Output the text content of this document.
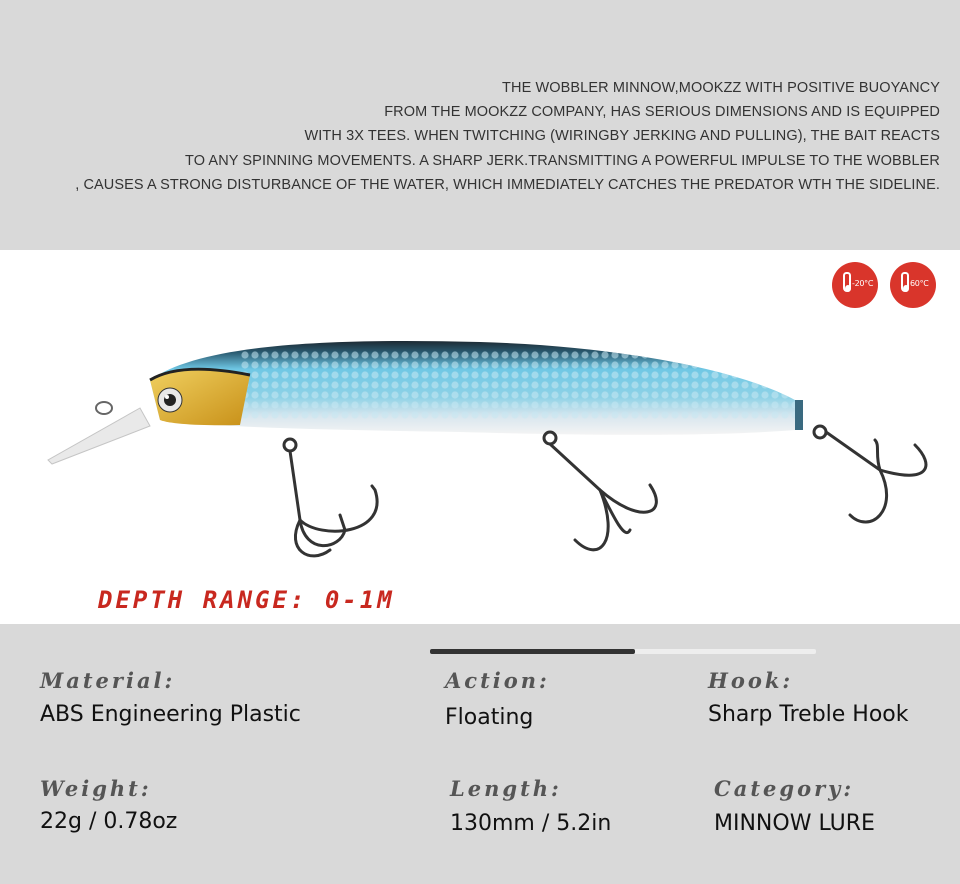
THE WOBBLER MINNOW,MOOKZZ WITH POSITIVE BUOYANCY
FROM THE MOOKZZ COMPANY, HAS SERIOUS DIMENSIONS AND IS EQUIPPED
WITH 3X TEES. WHEN TWITCHING (WIRINGBY JERKING AND PULLING), THE BAIT REACTS
TO ANY SPINNING MOVEMENTS. A SHARP JERK.TRANSMITTING A POWERFUL IMPULSE TO THE WOBBLER
, CAUSES A STRONG DISTURBANCE OF THE WATER, WHICH IMMEDIATELY CATCHES THE PREDATOR WTH THE SIDELINE.
-20°C	60°C
DEPTH RANGE: 0-1M
Material:
ABS Engineering Plastic
Action:
Floating
Hook:
Sharp Treble Hook
Weight:
22g / 0.78oz
Length:
130mm / 5.2in
Category:
MINNOW LURE
